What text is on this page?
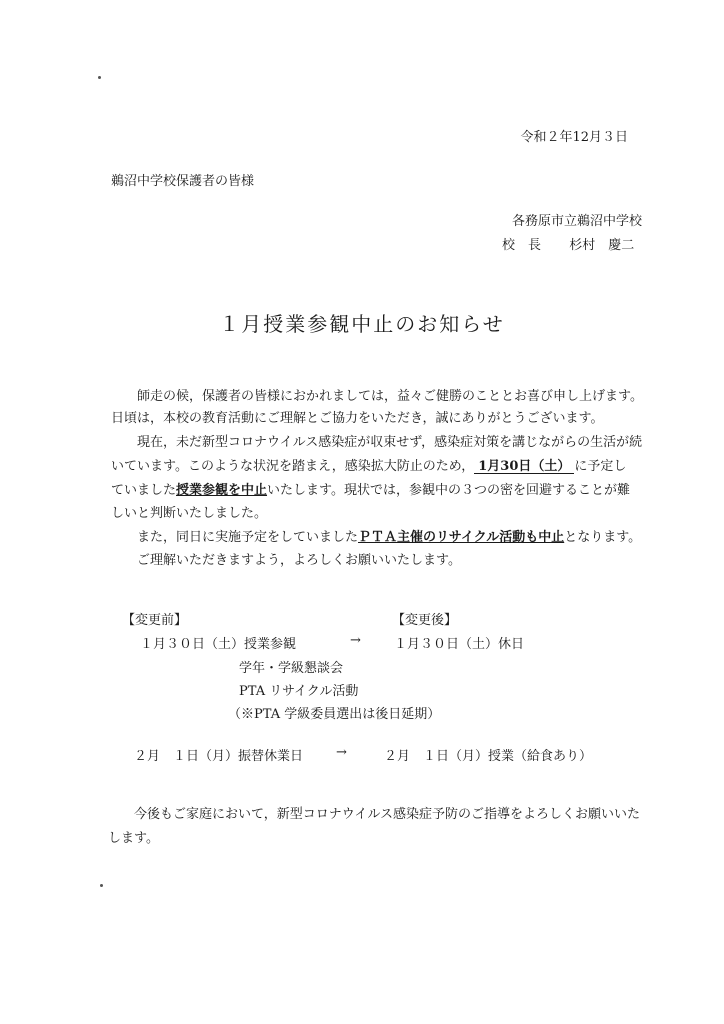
令和２年12月３日
鵜沼中学校保護者の皆様
各務原市立鵜沼中学校
校　長 杉村　慶二
１月授業参観中止のお知らせ
師走の候，保護者の皆様におかれましては，益々ご健勝のこととお喜び申し上げます。
日頃は，本校の教育活動にご理解とご協力をいただき，誠にありがとうございます。
現在，未だ新型コロナウイルス感染症が収束せず，感染症対策を講じながらの生活が続
いています。このような状況を踏まえ，感染拡大防止のため， 1月30日（土） に予定し
ていました授業参観を中止いたします。現状では，参観中の３つの密を回避することが難
しいと判断いたしました。
また，同日に実施予定をしていましたＰＴＡ主催のリサイクル活動も中止となります。
ご理解いただきますよう，よろしくお願いいたします。
【変更前】	【変更後】
１月３０日（土）授業参観	→	１月３０日（土）休日
学年・学級懇談会
PTA リサイクル活動
（※PTA 学級委員選出は後日延期）
２月　１日（月）振替休業日	→	２月　１日（月）授業（給食あり）
今後もご家庭において，新型コロナウイルス感染症予防のご指導をよろしくお願いいた
します。
